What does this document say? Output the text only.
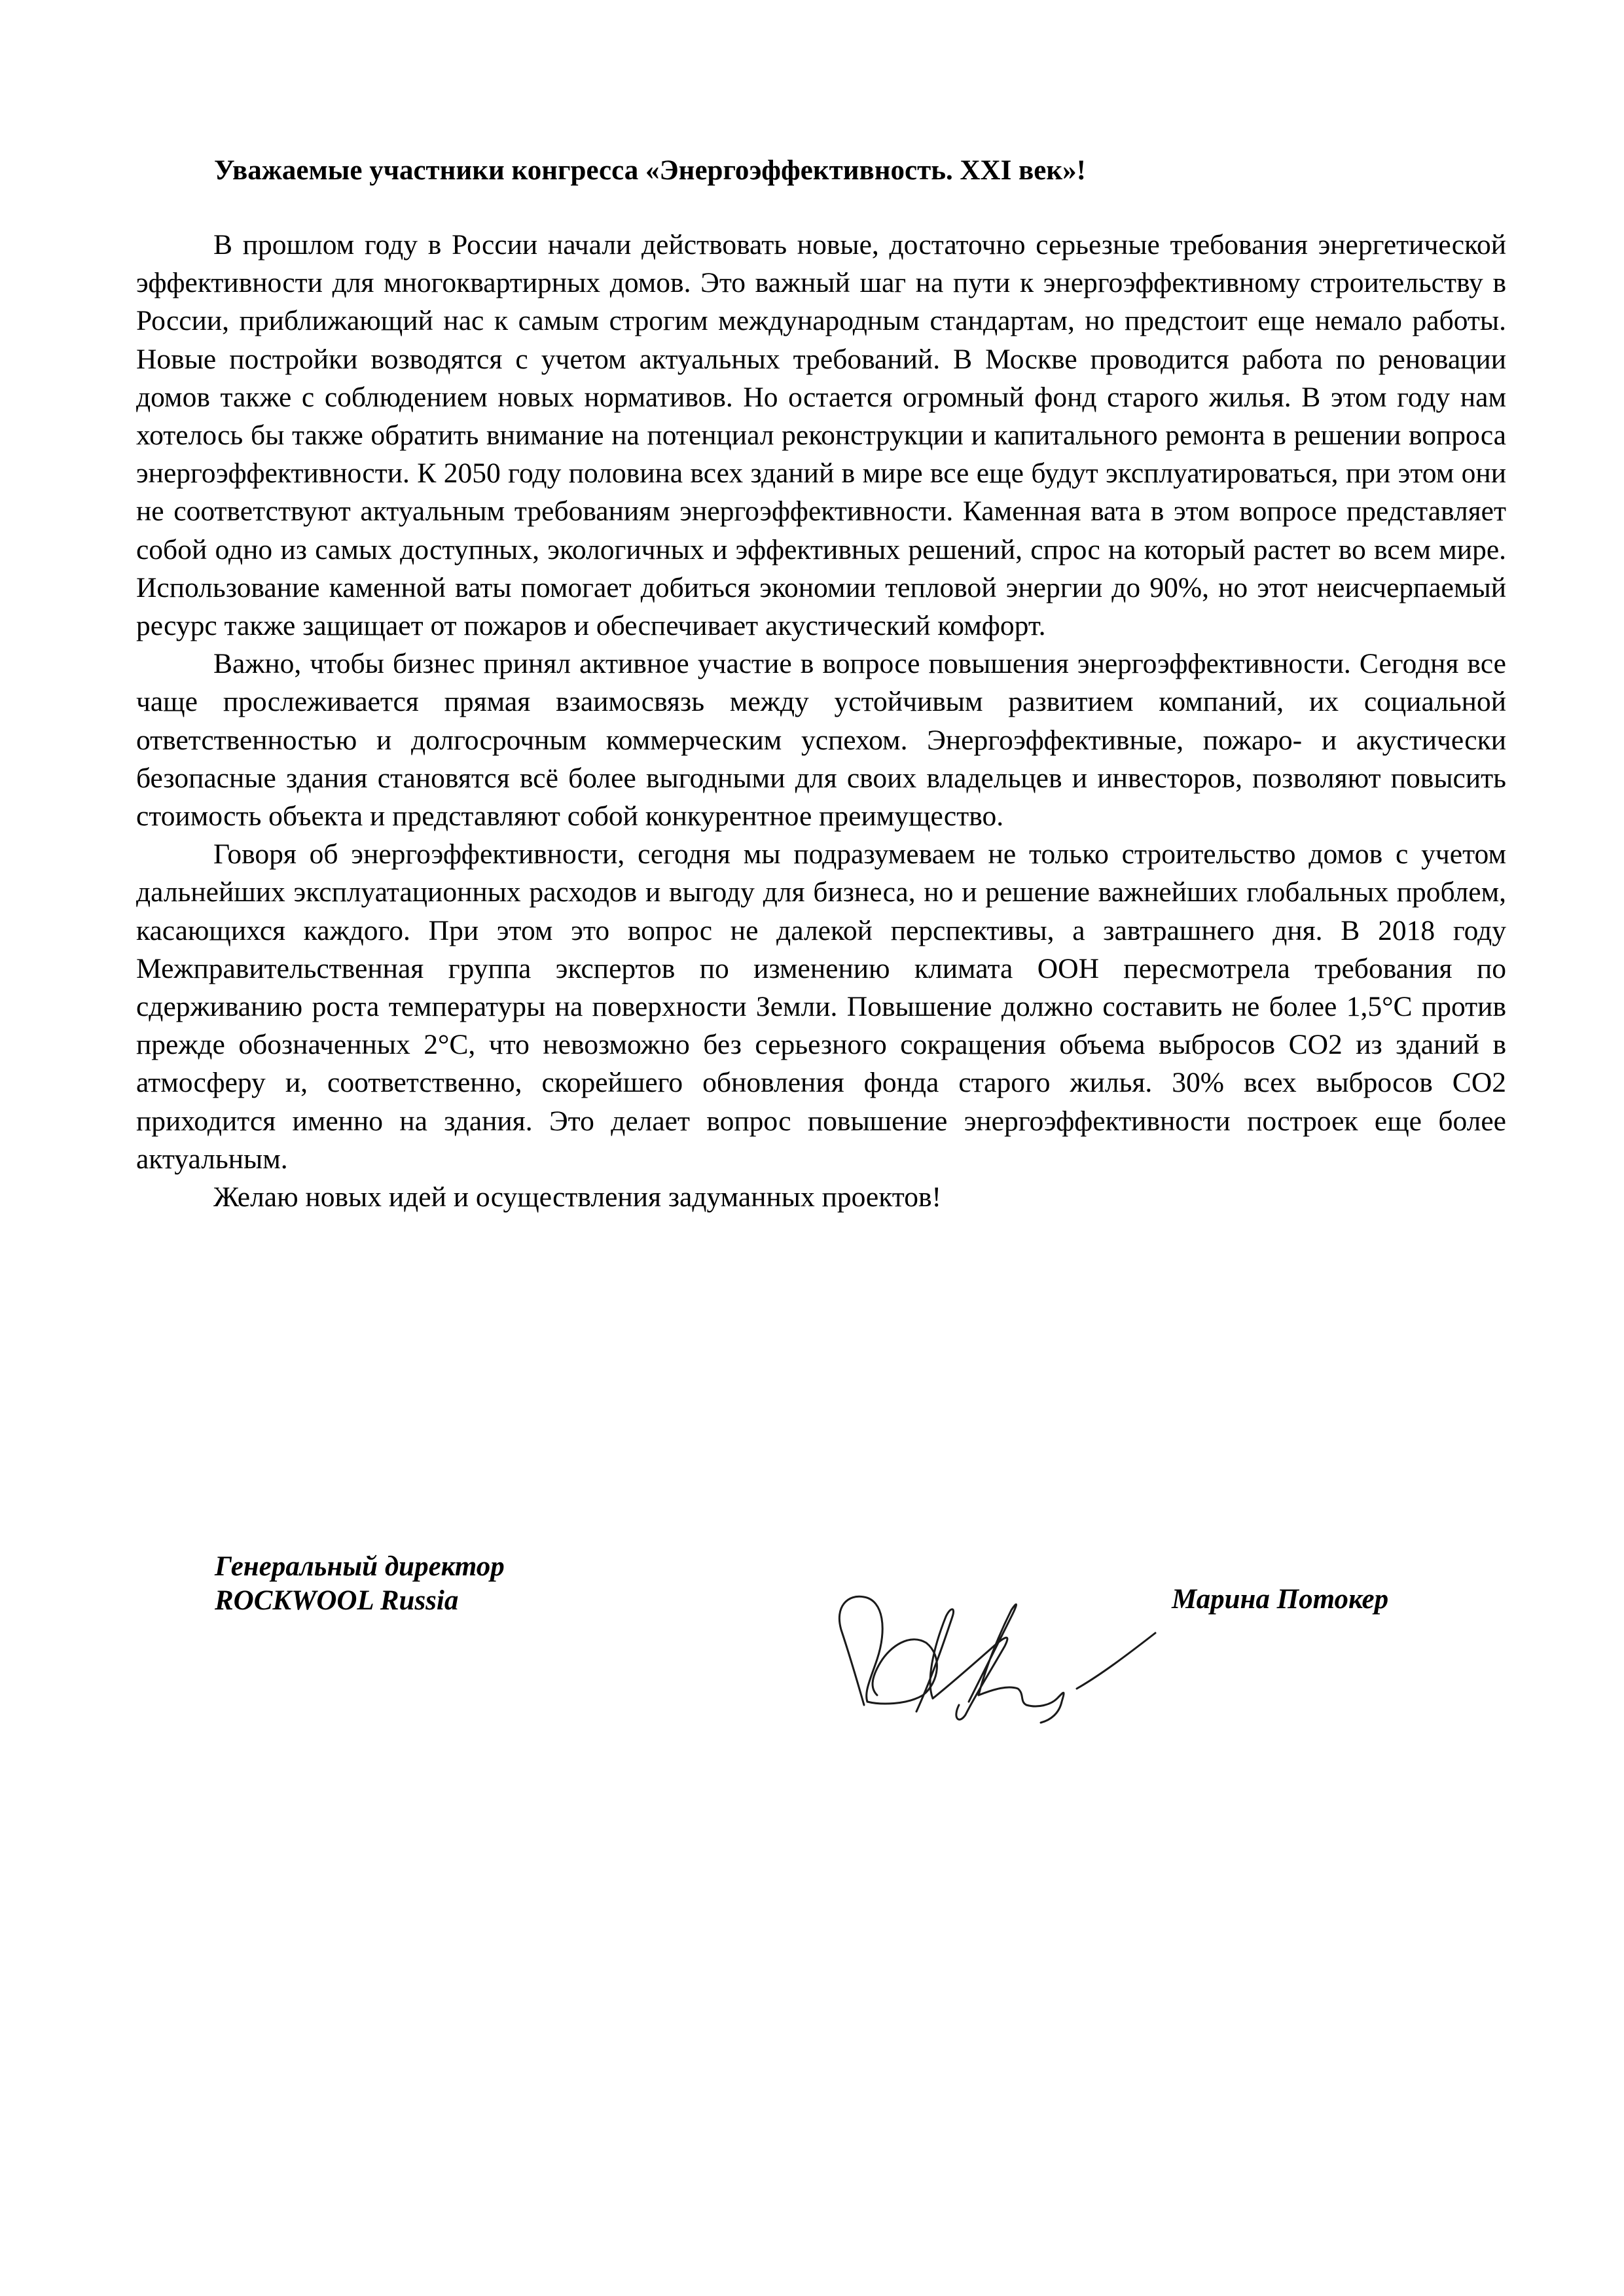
Уважаемые участники конгресса «Энергоэффективность. XXI век»!

В прошлом году в России начали действовать новые, достаточно серьезные требования энергетической эффективности для многоквартирных домов. Это важный шаг на пути к энергоэффективному строительству в России, приближающий нас к самым строгим международным стандартам, но предстоит еще немало работы. Новые постройки возводятся с учетом актуальных требований. В Москве проводится работа по реновации домов также с соблюдением новых нормативов. Но остается огромный фонд старого жилья. В этом году нам хотелось бы также обратить внимание на потенциал реконструкции и капитального ремонта в решении вопроса энергоэффективности. К 2050 году половина всех зданий в мире все еще будут эксплуатироваться, при этом они не соответствуют актуальным требованиям энергоэффективности. Каменная вата в этом вопросе представляет собой одно из самых доступных, экологичных и эффективных решений, спрос на который растет во всем мире. Использование каменной ваты помогает добиться экономии тепловой энергии до 90%, но этот неисчерпаемый ресурс также защищает от пожаров и обеспечивает акустический комфорт.

Важно, чтобы бизнес принял активное участие в вопросе повышения энергоэффективности. Сегодня все чаще прослеживается прямая взаимосвязь между устойчивым развитием компаний, их социальной ответственностью и долгосрочным коммерческим успехом. Энергоэффективные, пожаро- и акустически безопасные здания становятся всё более выгодными для своих владельцев и инвесторов, позволяют повысить стоимость объекта и представляют собой конкурентное преимущество.

Говоря об энергоэффективности, сегодня мы подразумеваем не только строительство домов с учетом дальнейших эксплуатационных расходов и выгоду для бизнеса, но и решение важнейших глобальных проблем, касающихся каждого. При этом это вопрос не далекой перспективы, а завтрашнего дня. В 2018 году Межправительственная группа экспертов по изменению климата ООН пересмотрела требования по сдерживанию роста температуры на поверхности Земли. Повышение должно составить не более 1,5°С против прежде обозначенных 2°С, что невозможно без серьезного сокращения объема выбросов СО2 из зданий в атмосферу и, соответственно, скорейшего обновления фонда старого жилья. 30% всех выбросов СО2 приходится именно на здания. Это делает вопрос повышение энергоэффективности построек еще более актуальным.

Желаю новых идей и осуществления задуманных проектов!

Генеральный директор
ROCKWOOL Russia	Марина Потокер
